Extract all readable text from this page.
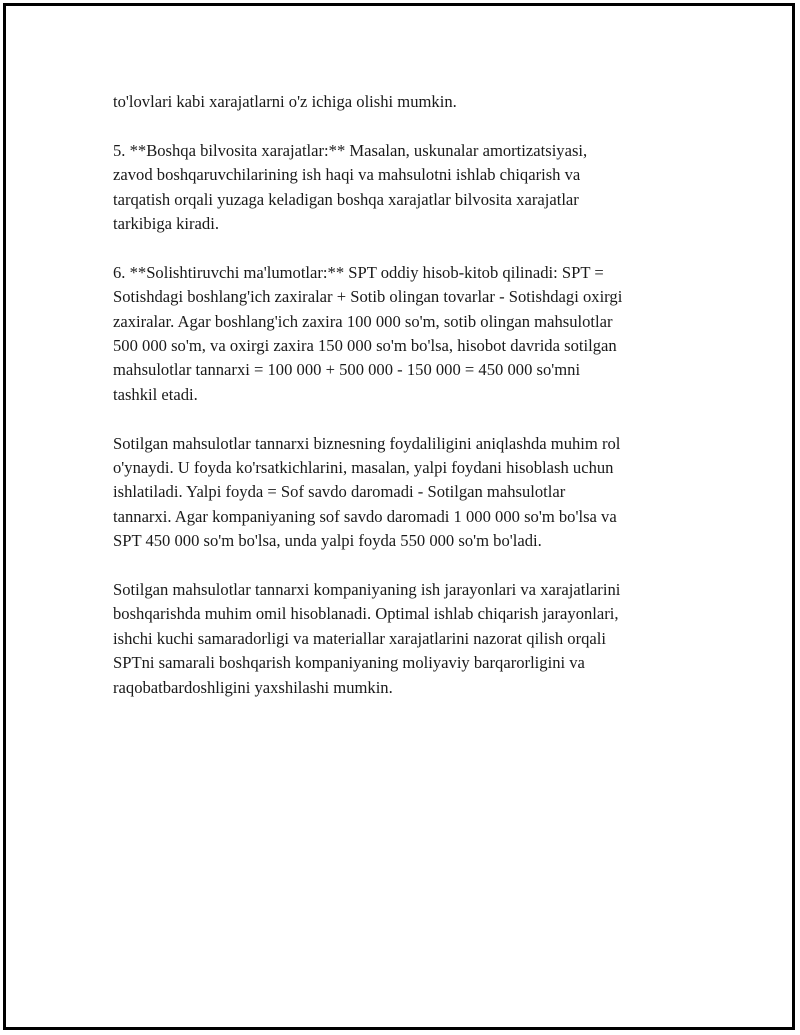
to'lovlari kabi xarajatlarni o'z ichiga olishi mumkin.

5. **Boshqa bilvosita xarajatlar:** Masalan, uskunalar amortizatsiyasi,
zavod boshqaruvchilarining ish haqi va mahsulotni ishlab chiqarish va
tarqatish orqali yuzaga keladigan boshqa xarajatlar bilvosita xarajatlar
tarkibiga kiradi.

6. **Solishtiruvchi ma'lumotlar:** SPT oddiy hisob-kitob qilinadi: SPT =
Sotishdagi boshlang'ich zaxiralar + Sotib olingan tovarlar - Sotishdagi oxirgi
zaxiralar. Agar boshlang'ich zaxira 100 000 so'm, sotib olingan mahsulotlar
500 000 so'm, va oxirgi zaxira 150 000 so'm bo'lsa, hisobot davrida sotilgan
mahsulotlar tannarxi = 100 000 + 500 000 - 150 000 = 450 000 so'mni
tashkil etadi.

Sotilgan mahsulotlar tannarxi biznesning foydaliligini aniqlashda muhim rol
o'ynaydi. U foyda ko'rsatkichlarini, masalan, yalpi foydani hisoblash uchun
ishlatiladi. Yalpi foyda = Sof savdo daromadi - Sotilgan mahsulotlar
tannarxi. Agar kompaniyaning sof savdo daromadi 1 000 000 so'm bo'lsa va
SPT 450 000 so'm bo'lsa, unda yalpi foyda 550 000 so'm bo'ladi.

Sotilgan mahsulotlar tannarxi kompaniyaning ish jarayonlari va xarajatlarini
boshqarishda muhim omil hisoblanadi. Optimal ishlab chiqarish jarayonlari,
ishchi kuchi samaradorligi va materiallar xarajatlarini nazorat qilish orqali
SPTni samarali boshqarish kompaniyaning moliyaviy barqarorligini va
raqobatbardoshligini yaxshilashi mumkin.
